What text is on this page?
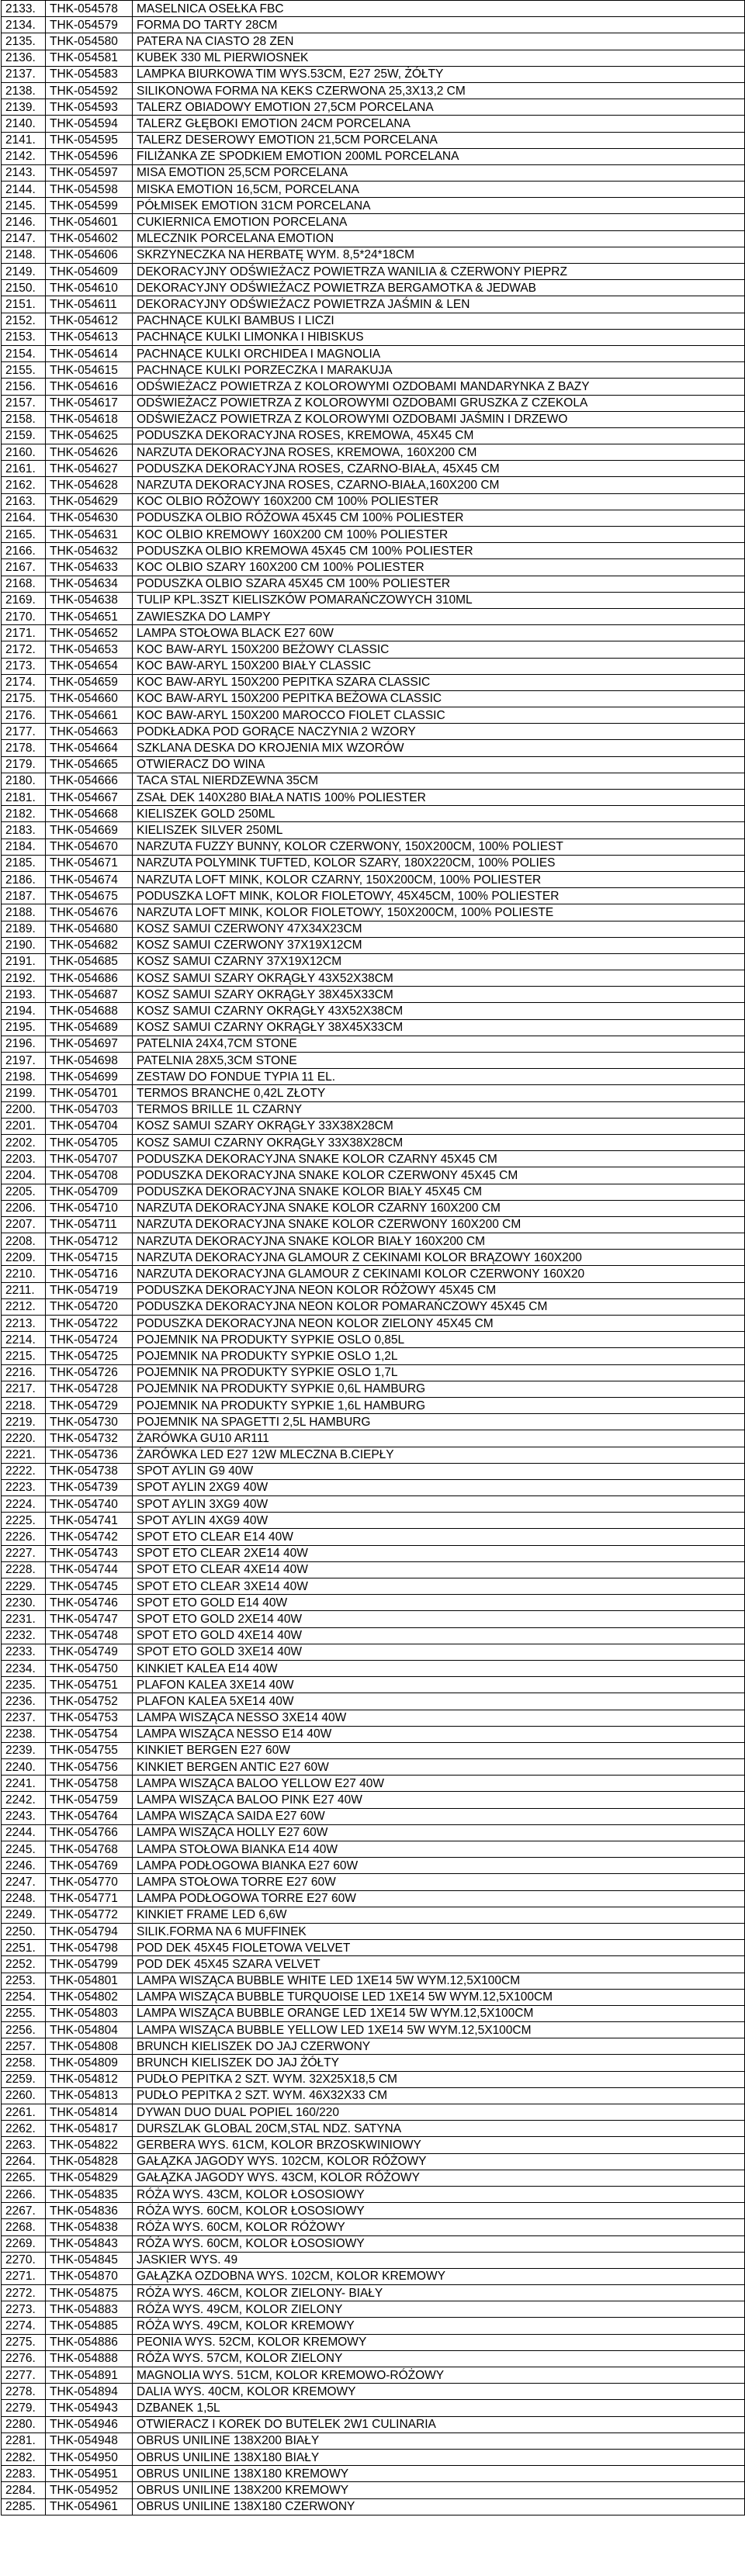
2133.	THK-054578	MASELNICA OSEŁKA FBC
2134.	THK-054579	FORMA DO TARTY 28CM
2135.	THK-054580	PATERA NA CIASTO 28 ZEN
2136.	THK-054581	KUBEK 330 ML PIERWIOSNEK
2137.	THK-054583	LAMPKA BIURKOWA TIM WYS.53CM, E27 25W, ŻÓŁTY
2138.	THK-054592	SILIKONOWA FORMA NA KEKS CZERWONA 25,3X13,2 CM
2139.	THK-054593	TALERZ OBIADOWY EMOTION 27,5CM PORCELANA
2140.	THK-054594	TALERZ GŁĘBOKI EMOTION 24CM PORCELANA
2141.	THK-054595	TALERZ DESEROWY EMOTION 21,5CM PORCELANA
2142.	THK-054596	FILIŻANKA ZE SPODKIEM EMOTION 200ML PORCELANA
2143.	THK-054597	MISA EMOTION 25,5CM PORCELANA
2144.	THK-054598	MISKA EMOTION 16,5CM, PORCELANA
2145.	THK-054599	PÓŁMISEK EMOTION 31CM PORCELANA
2146.	THK-054601	CUKIERNICA EMOTION PORCELANA
2147.	THK-054602	MLECZNIK PORCELANA EMOTION
2148.	THK-054606	SKRZYNECZKA NA HERBATĘ WYM. 8,5*24*18CM
2149.	THK-054609	DEKORACYJNY ODŚWIEŻACZ POWIETRZA WANILIA & CZERWONY PIEPRZ
2150.	THK-054610	DEKORACYJNY ODŚWIEŻACZ POWIETRZA BERGAMOTKA & JEDWAB
2151.	THK-054611	DEKORACYJNY ODŚWIEŻACZ POWIETRZA JAŚMIN & LEN
2152.	THK-054612	PACHNĄCE KULKI BAMBUS I LICZI
2153.	THK-054613	PACHNĄCE KULKI LIMONKA I HIBISKUS
2154.	THK-054614	PACHNĄCE KULKI ORCHIDEA I MAGNOLIA
2155.	THK-054615	PACHNĄCE KULKI PORZECZKA I MARAKUJA
2156.	THK-054616	ODŚWIEŻACZ POWIETRZA Z KOLOROWYMI OZDOBAMI MANDARYNKA Z BAZY
2157.	THK-054617	ODŚWIEŻACZ POWIETRZA Z KOLOROWYMI OZDOBAMI GRUSZKA Z CZEKOLA
2158.	THK-054618	ODŚWIEŻACZ POWIETRZA Z KOLOROWYMI OZDOBAMI JAŚMIN I DRZEWO
2159.	THK-054625	PODUSZKA DEKORACYJNA ROSES, KREMOWA, 45X45 CM
2160.	THK-054626	NARZUTA DEKORACYJNA ROSES, KREMOWA, 160X200 CM
2161.	THK-054627	PODUSZKA DEKORACYJNA ROSES, CZARNO-BIAŁA, 45X45 CM
2162.	THK-054628	NARZUTA DEKORACYJNA ROSES, CZARNO-BIAŁA,160X200 CM
2163.	THK-054629	KOC OLBIO RÓŻOWY 160X200 CM 100% POLIESTER
2164.	THK-054630	PODUSZKA OLBIO RÓŻOWA 45X45 CM 100% POLIESTER
2165.	THK-054631	KOC OLBIO KREMOWY 160X200 CM 100% POLIESTER
2166.	THK-054632	PODUSZKA OLBIO KREMOWA 45X45 CM 100% POLIESTER
2167.	THK-054633	KOC OLBIO SZARY 160X200 CM 100% POLIESTER
2168.	THK-054634	PODUSZKA OLBIO SZARA 45X45 CM 100% POLIESTER
2169.	THK-054638	TULIP KPL.3SZT KIELISZKÓW POMARAŃCZOWYCH 310ML
2170.	THK-054651	ZAWIESZKA DO LAMPY
2171.	THK-054652	LAMPA STOŁOWA BLACK E27 60W
2172.	THK-054653	KOC BAW-ARYL 150X200 BEŻOWY CLASSIC
2173.	THK-054654	KOC BAW-ARYL 150X200 BIAŁY CLASSIC
2174.	THK-054659	KOC BAW-ARYL 150X200 PEPITKA SZARA CLASSIC
2175.	THK-054660	KOC BAW-ARYL 150X200 PEPITKA BEŻOWA CLASSIC
2176.	THK-054661	KOC BAW-ARYL 150X200 MAROCCO FIOLET CLASSIC
2177.	THK-054663	PODKŁADKA POD GORĄCE NACZYNIA 2 WZORY
2178.	THK-054664	SZKLANA DESKA DO KROJENIA MIX WZORÓW
2179.	THK-054665	OTWIERACZ DO WINA
2180.	THK-054666	TACA STAL NIERDZEWNA 35CM
2181.	THK-054667	ZSAŁ DEK 140X280 BIAŁA NATIS 100% POLIESTER
2182.	THK-054668	KIELISZEK GOLD 250ML
2183.	THK-054669	KIELISZEK SILVER 250ML
2184.	THK-054670	NARZUTA FUZZY BUNNY, KOLOR CZERWONY, 150X200CM, 100% POLIEST
2185.	THK-054671	NARZUTA POLYMINK TUFTED, KOLOR SZARY, 180X220CM, 100% POLIES
2186.	THK-054674	NARZUTA LOFT MINK, KOLOR CZARNY, 150X200CM, 100% POLIESTER
2187.	THK-054675	PODUSZKA LOFT MINK, KOLOR FIOLETOWY, 45X45CM, 100% POLIESTER
2188.	THK-054676	NARZUTA LOFT MINK, KOLOR FIOLETOWY, 150X200CM, 100% POLIESTE
2189.	THK-054680	KOSZ SAMUI CZERWONY 47X34X23CM
2190.	THK-054682	KOSZ SAMUI CZERWONY 37X19X12CM
2191.	THK-054685	KOSZ SAMUI CZARNY 37X19X12CM
2192.	THK-054686	KOSZ SAMUI SZARY OKRĄGŁY 43X52X38CM
2193.	THK-054687	KOSZ SAMUI SZARY OKRĄGŁY 38X45X33CM
2194.	THK-054688	KOSZ SAMUI CZARNY OKRĄGŁY 43X52X38CM
2195.	THK-054689	KOSZ SAMUI CZARNY OKRĄGŁY 38X45X33CM
2196.	THK-054697	PATELNIA 24X4,7CM STONE
2197.	THK-054698	PATELNIA 28X5,3CM STONE
2198.	THK-054699	ZESTAW DO FONDUE TYPIA 11 EL.
2199.	THK-054701	TERMOS BRANCHE 0,42L ZŁOTY
2200.	THK-054703	TERMOS BRILLE 1L CZARNY
2201.	THK-054704	KOSZ SAMUI SZARY OKRĄGŁY 33X38X28CM
2202.	THK-054705	KOSZ SAMUI CZARNY OKRĄGŁY 33X38X28CM
2203.	THK-054707	PODUSZKA DEKORACYJNA SNAKE KOLOR CZARNY 45X45 CM
2204.	THK-054708	PODUSZKA DEKORACYJNA SNAKE KOLOR CZERWONY 45X45 CM
2205.	THK-054709	PODUSZKA DEKORACYJNA SNAKE KOLOR BIAŁY 45X45 CM
2206.	THK-054710	NARZUTA DEKORACYJNA SNAKE KOLOR CZARNY 160X200 CM
2207.	THK-054711	NARZUTA DEKORACYJNA SNAKE KOLOR CZERWONY 160X200 CM
2208.	THK-054712	NARZUTA DEKORACYJNA SNAKE KOLOR BIAŁY 160X200 CM
2209.	THK-054715	NARZUTA DEKORACYJNA GLAMOUR Z CEKINAMI KOLOR BRĄZOWY 160X200
2210.	THK-054716	NARZUTA DEKORACYJNA GLAMOUR Z CEKINAMI KOLOR CZERWONY 160X20
2211.	THK-054719	PODUSZKA DEKORACYJNA NEON KOLOR RÓŻOWY 45X45 CM
2212.	THK-054720	PODUSZKA DEKORACYJNA NEON KOLOR POMARAŃCZOWY 45X45 CM
2213.	THK-054722	PODUSZKA DEKORACYJNA NEON KOLOR ZIELONY 45X45 CM
2214.	THK-054724	POJEMNIK NA PRODUKTY SYPKIE OSLO 0,85L
2215.	THK-054725	POJEMNIK NA PRODUKTY SYPKIE OSLO 1,2L
2216.	THK-054726	POJEMNIK NA PRODUKTY SYPKIE OSLO 1,7L
2217.	THK-054728	POJEMNIK NA PRODUKTY SYPKIE 0,6L HAMBURG
2218.	THK-054729	POJEMNIK NA PRODUKTY SYPKIE 1,6L HAMBURG
2219.	THK-054730	POJEMNIK NA SPAGETTI 2,5L HAMBURG
2220.	THK-054732	ŻARÓWKA GU10 AR111
2221.	THK-054736	ŻARÓWKA LED E27 12W MLECZNA B.CIEPŁY
2222.	THK-054738	SPOT AYLIN G9 40W
2223.	THK-054739	SPOT AYLIN 2XG9 40W
2224.	THK-054740	SPOT AYLIN 3XG9 40W
2225.	THK-054741	SPOT AYLIN 4XG9 40W
2226.	THK-054742	SPOT ETO CLEAR E14 40W
2227.	THK-054743	SPOT ETO CLEAR 2XE14 40W
2228.	THK-054744	SPOT ETO CLEAR 4XE14 40W
2229.	THK-054745	SPOT ETO CLEAR 3XE14 40W
2230.	THK-054746	SPOT ETO GOLD E14 40W
2231.	THK-054747	SPOT ETO GOLD 2XE14 40W
2232.	THK-054748	SPOT ETO GOLD 4XE14 40W
2233.	THK-054749	SPOT ETO GOLD 3XE14 40W
2234.	THK-054750	KINKIET KALEA E14 40W
2235.	THK-054751	PLAFON KALEA 3XE14 40W
2236.	THK-054752	PLAFON KALEA 5XE14 40W
2237.	THK-054753	LAMPA WISZĄCA NESSO 3XE14 40W
2238.	THK-054754	LAMPA WISZĄCA NESSO E14 40W
2239.	THK-054755	KINKIET BERGEN E27 60W
2240.	THK-054756	KINKIET BERGEN ANTIC E27 60W
2241.	THK-054758	LAMPA WISZĄCA BALOO YELLOW E27 40W
2242.	THK-054759	LAMPA WISZĄCA BALOO PINK E27 40W
2243.	THK-054764	LAMPA WISZĄCA SAIDA E27 60W
2244.	THK-054766	LAMPA WISZĄCA HOLLY E27 60W
2245.	THK-054768	LAMPA STOŁOWA BIANKA E14 40W
2246.	THK-054769	LAMPA PODŁOGOWA BIANKA E27 60W
2247.	THK-054770	LAMPA STOŁOWA TORRE E27 60W
2248.	THK-054771	LAMPA PODŁOGOWA TORRE E27 60W
2249.	THK-054772	KINKIET FRAME LED 6,6W
2250.	THK-054794	SILIK.FORMA NA 6 MUFFINEK
2251.	THK-054798	POD DEK 45X45 FIOLETOWA VELVET
2252.	THK-054799	POD DEK 45X45 SZARA VELVET
2253.	THK-054801	LAMPA WISZĄCA BUBBLE WHITE LED 1XE14 5W WYM.12,5X100CM
2254.	THK-054802	LAMPA WISZĄCA BUBBLE TURQUOISE LED 1XE14 5W WYM.12,5X100CM
2255.	THK-054803	LAMPA WISZĄCA BUBBLE ORANGE LED 1XE14 5W WYM.12,5X100CM
2256.	THK-054804	LAMPA WISZĄCA BUBBLE YELLOW LED 1XE14 5W WYM.12,5X100CM
2257.	THK-054808	BRUNCH KIELISZEK DO JAJ CZERWONY
2258.	THK-054809	BRUNCH KIELISZEK DO JAJ ŻÓŁTY
2259.	THK-054812	PUDŁO PEPITKA 2 SZT. WYM. 32X25X18,5 CM
2260.	THK-054813	PUDŁO PEPITKA 2 SZT. WYM. 46X32X33 CM
2261.	THK-054814	DYWAN DUO DUAL POPIEL 160/220
2262.	THK-054817	DURSZLAK GLOBAL 20CM,STAL NDZ. SATYNA
2263.	THK-054822	GERBERA WYS. 61CM, KOLOR BRZOSKWINIOWY
2264.	THK-054828	GAŁĄZKA JAGODY WYS. 102CM, KOLOR RÓŻOWY
2265.	THK-054829	GAŁĄZKA JAGODY WYS. 43CM, KOLOR RÓŻOWY
2266.	THK-054835	RÓŻA WYS. 43CM, KOLOR ŁOSOSIOWY
2267.	THK-054836	RÓŻA WYS. 60CM, KOLOR ŁOSOSIOWY
2268.	THK-054838	RÓŻA WYS. 60CM, KOLOR RÓŻOWY
2269.	THK-054843	RÓŻA WYS. 60CM, KOLOR ŁOSOSIOWY
2270.	THK-054845	JASKIER WYS. 49
2271.	THK-054870	GAŁĄZKA OZDOBNA WYS. 102CM, KOLOR KREMOWY
2272.	THK-054875	RÓŻA WYS. 46CM, KOLOR ZIELONY- BIAŁY
2273.	THK-054883	RÓŻA WYS. 49CM, KOLOR ZIELONY
2274.	THK-054885	RÓŻA WYS. 49CM, KOLOR KREMOWY
2275.	THK-054886	PEONIA WYS. 52CM, KOLOR KREMOWY
2276.	THK-054888	RÓŻA WYS. 57CM, KOLOR ZIELONY
2277.	THK-054891	MAGNOLIA WYS. 51CM, KOLOR KREMOWO-RÓŻOWY
2278.	THK-054894	DALIA WYS. 40CM, KOLOR KREMOWY
2279.	THK-054943	DZBANEK 1,5L
2280.	THK-054946	OTWIERACZ I KOREK DO BUTELEK 2W1 CULINARIA
2281.	THK-054948	OBRUS UNILINE 138X200 BIAŁY
2282.	THK-054950	OBRUS UNILINE 138X180 BIAŁY
2283.	THK-054951	OBRUS UNILINE 138X180 KREMOWY
2284.	THK-054952	OBRUS UNILINE 138X200 KREMOWY
2285.	THK-054961	OBRUS UNILINE 138X180 CZERWONY
